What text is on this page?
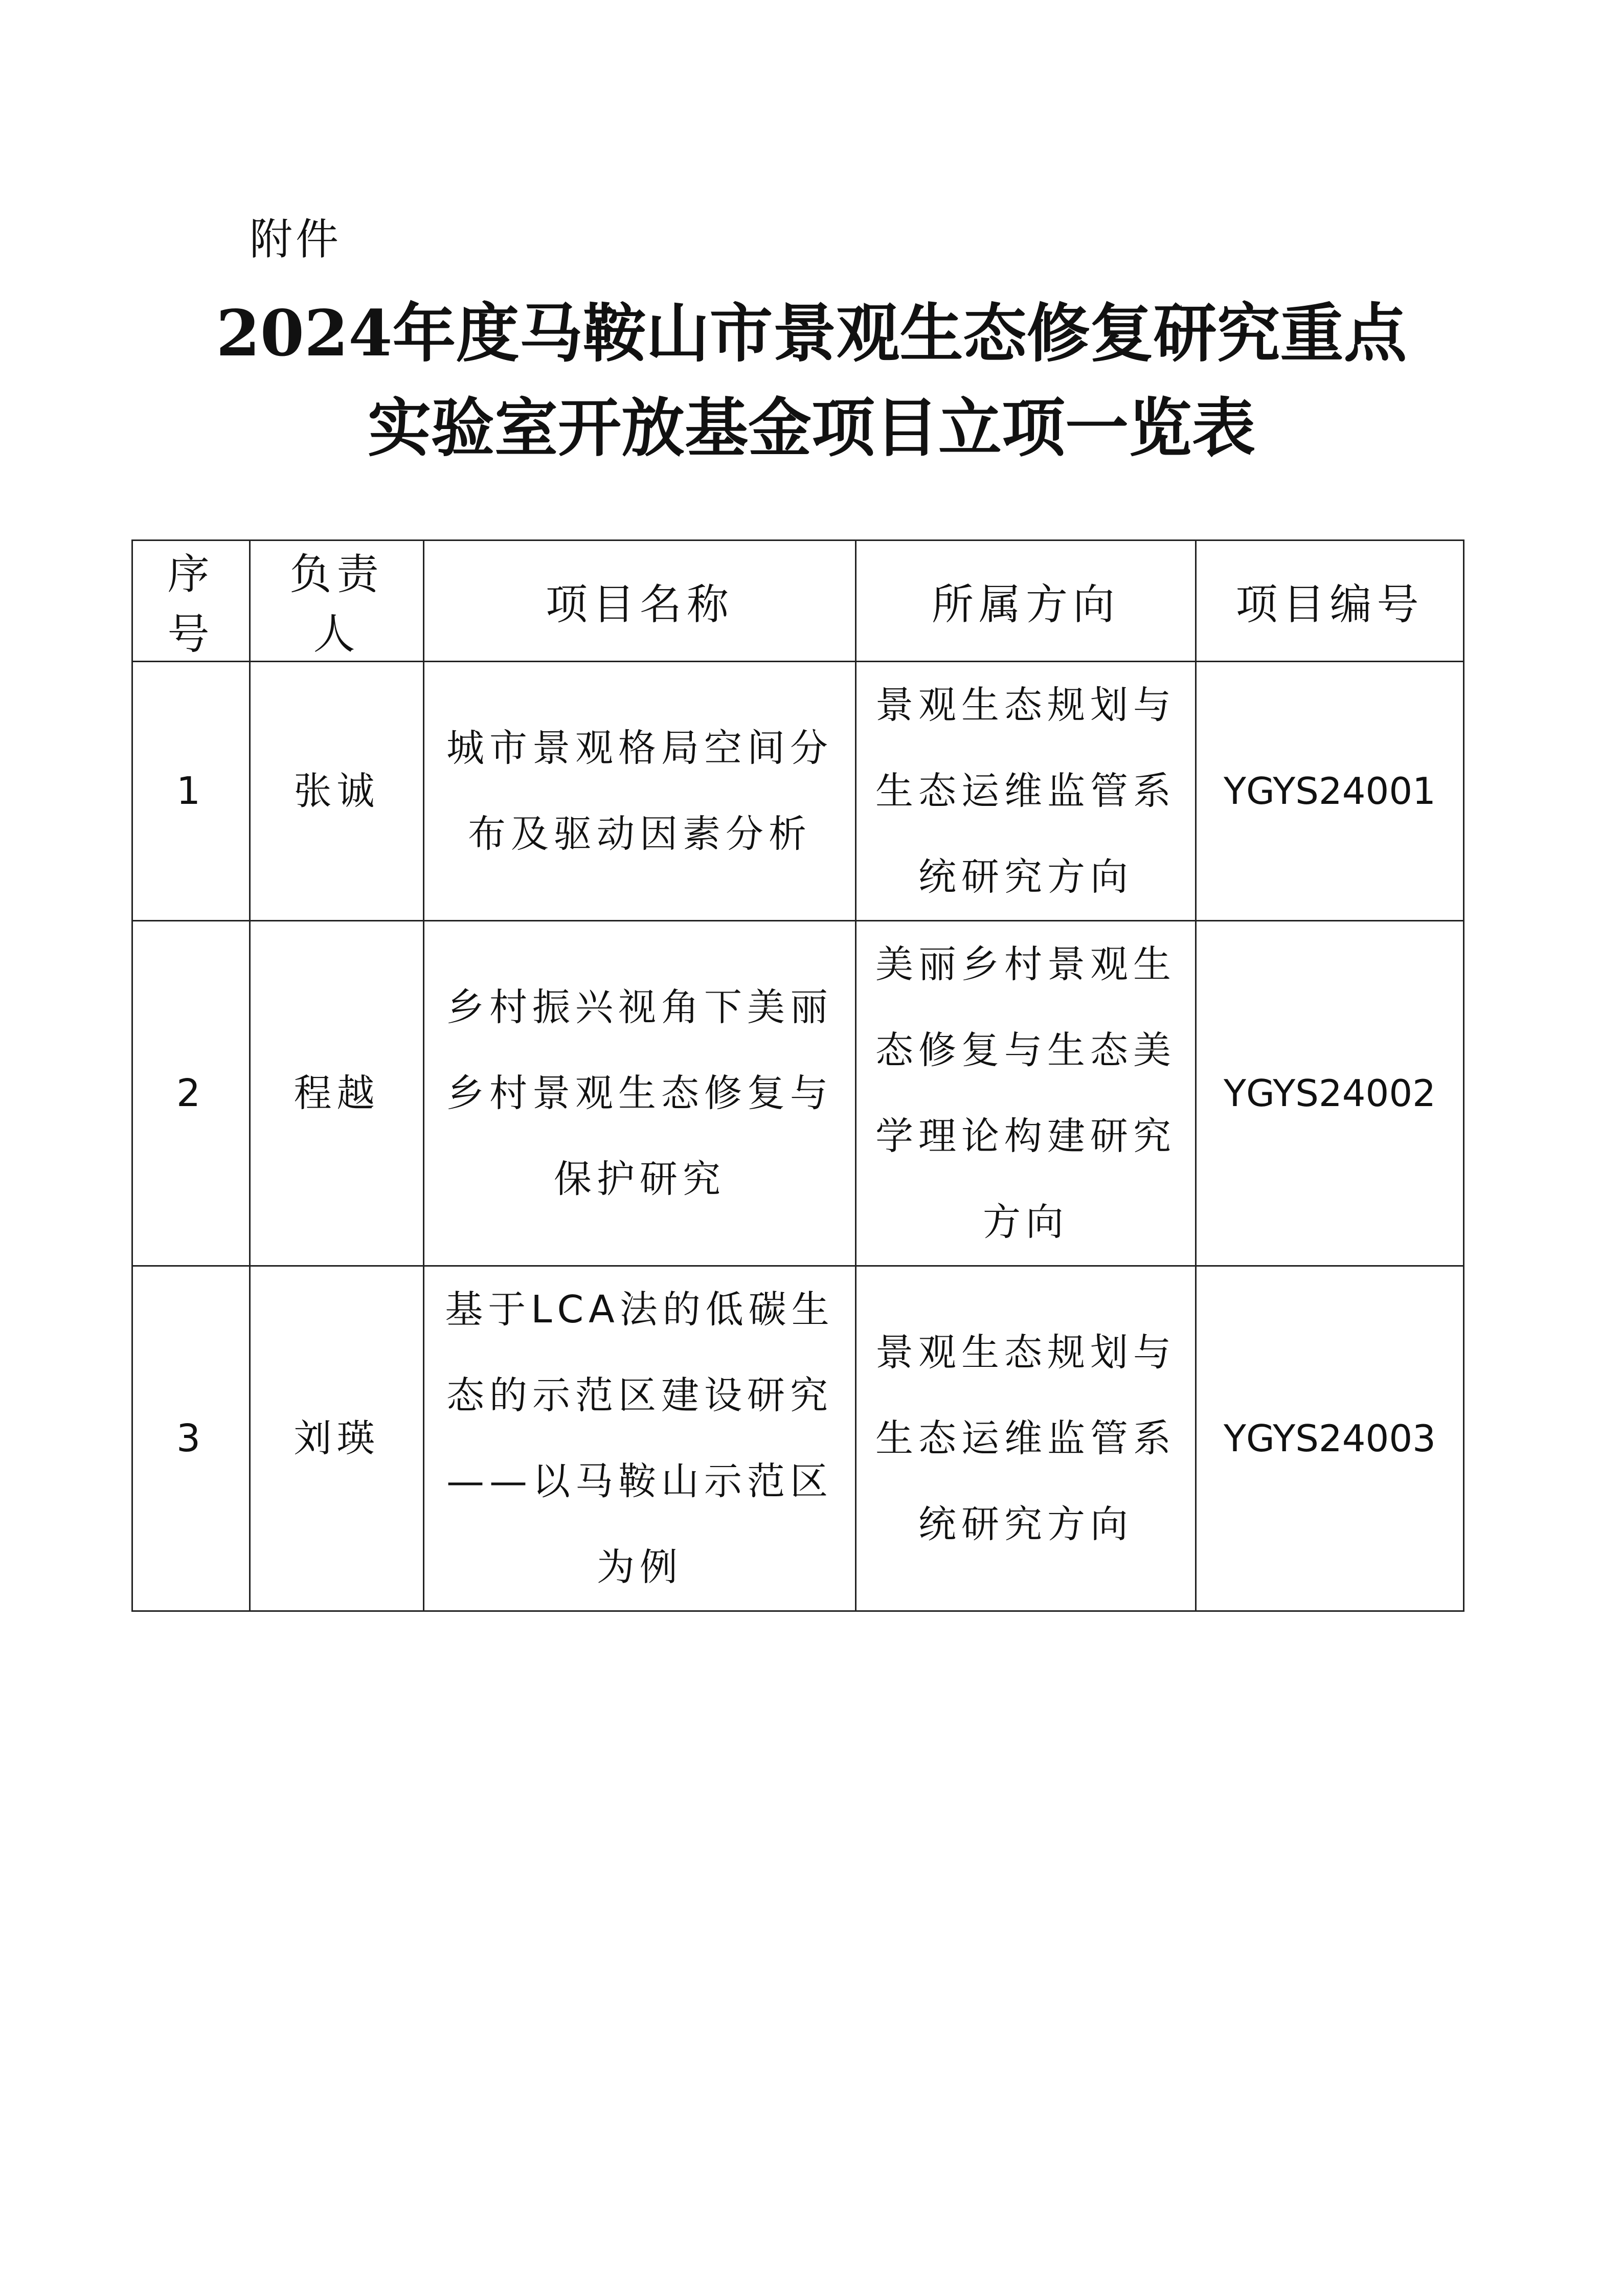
附件
2024年度马鞍山市景观生态修复研究重点
实验室开放基金项目立项一览表
序号	负责人	项目名称	所属方向	项目编号
1	张诚	城市景观格局空间分布及驱动因素分析	景观生态规划与生态运维监管系统研究方向	YGYS24001
2	程越	乡村振兴视角下美丽乡村景观生态修复与保护研究	美丽乡村景观生态修复与生态美学理论构建研究方向	YGYS24002
3	刘瑛	基于LCA法的低碳生态的示范区建设研究——以马鞍山示范区为例	景观生态规划与生态运维监管系统研究方向	YGYS24003
